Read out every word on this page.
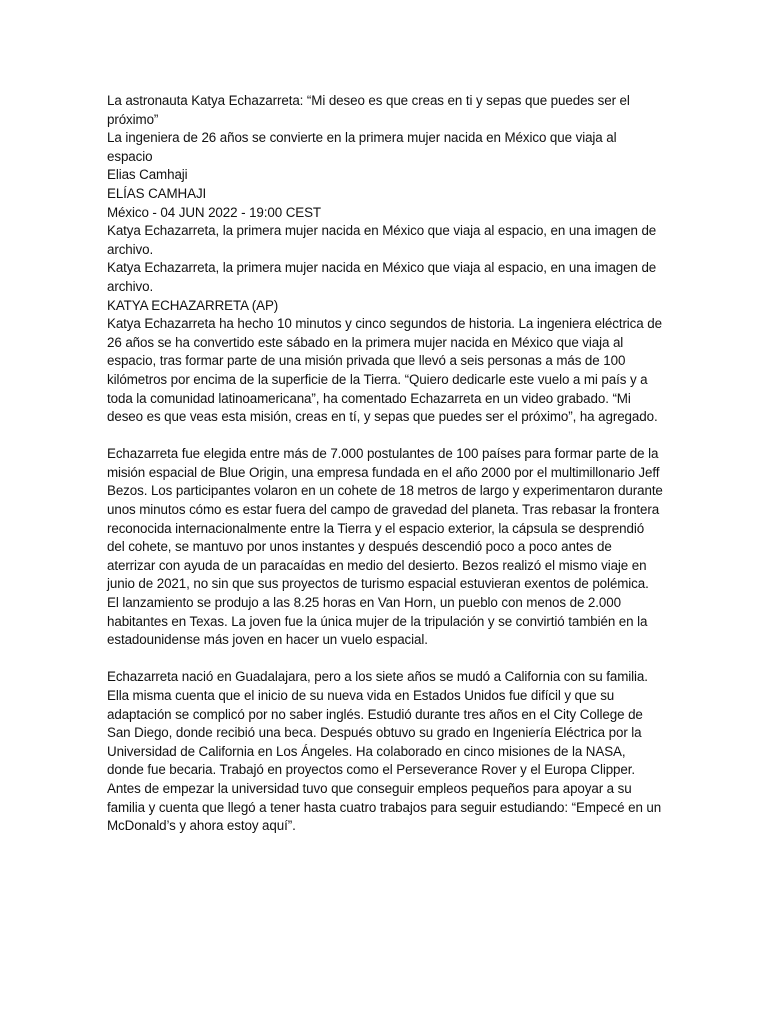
La astronauta Katya Echazarreta: “Mi deseo es que creas en ti y sepas que puedes ser el próximo”

La ingeniera de 26 años se convierte en la primera mujer nacida en México que viaja al espacio

Elias Camhaji

ELÍAS CAMHAJI

México - 04 JUN 2022 - 19:00 CEST

Katya Echazarreta, la primera mujer nacida en México que viaja al espacio, en una imagen de archivo.

Katya Echazarreta, la primera mujer nacida en México que viaja al espacio, en una imagen de archivo.

KATYA ECHAZARRETA (AP)

Katya Echazarreta ha hecho 10 minutos y cinco segundos de historia. La ingeniera eléctrica de 26 años se ha convertido este sábado en la primera mujer nacida en México que viaja al espacio, tras formar parte de una misión privada que llevó a seis personas a más de 100 kilómetros por encima de la superficie de la Tierra. “Quiero dedicarle este vuelo a mi país y a toda la comunidad latinoamericana”, ha comentado Echazarreta en un video grabado. “Mi deseo es que veas esta misión, creas en tí, y sepas que puedes ser el próximo”, ha agregado.

Echazarreta fue elegida entre más de 7.000 postulantes de 100 países para formar parte de la misión espacial de Blue Origin, una empresa fundada en el año 2000 por el multimillonario Jeff Bezos. Los participantes volaron en un cohete de 18 metros de largo y experimentaron durante unos minutos cómo es estar fuera del campo de gravedad del planeta. Tras rebasar la frontera reconocida internacionalmente entre la Tierra y el espacio exterior, la cápsula se desprendió del cohete, se mantuvo por unos instantes y después descendió poco a poco antes de aterrizar con ayuda de un paracaídas en medio del desierto. Bezos realizó el mismo viaje en junio de 2021, no sin que sus proyectos de turismo espacial estuvieran exentos de polémica. El lanzamiento se produjo a las 8.25 horas en Van Horn, un pueblo con menos de 2.000 habitantes en Texas. La joven fue la única mujer de la tripulación y se convirtió también en la estadounidense más joven en hacer un vuelo espacial.

Echazarreta nació en Guadalajara, pero a los siete años se mudó a California con su familia. Ella misma cuenta que el inicio de su nueva vida en Estados Unidos fue difícil y que su adaptación se complicó por no saber inglés. Estudió durante tres años en el City College de San Diego, donde recibió una beca. Después obtuvo su grado en Ingeniería Eléctrica por la Universidad de California en Los Ángeles. Ha colaborado en cinco misiones de la NASA, donde fue becaria. Trabajó en proyectos como el Perseverance Rover y el Europa Clipper. Antes de empezar la universidad tuvo que conseguir empleos pequeños para apoyar a su familia y cuenta que llegó a tener hasta cuatro trabajos para seguir estudiando: “Empecé en un McDonald’s y ahora estoy aquí”.
